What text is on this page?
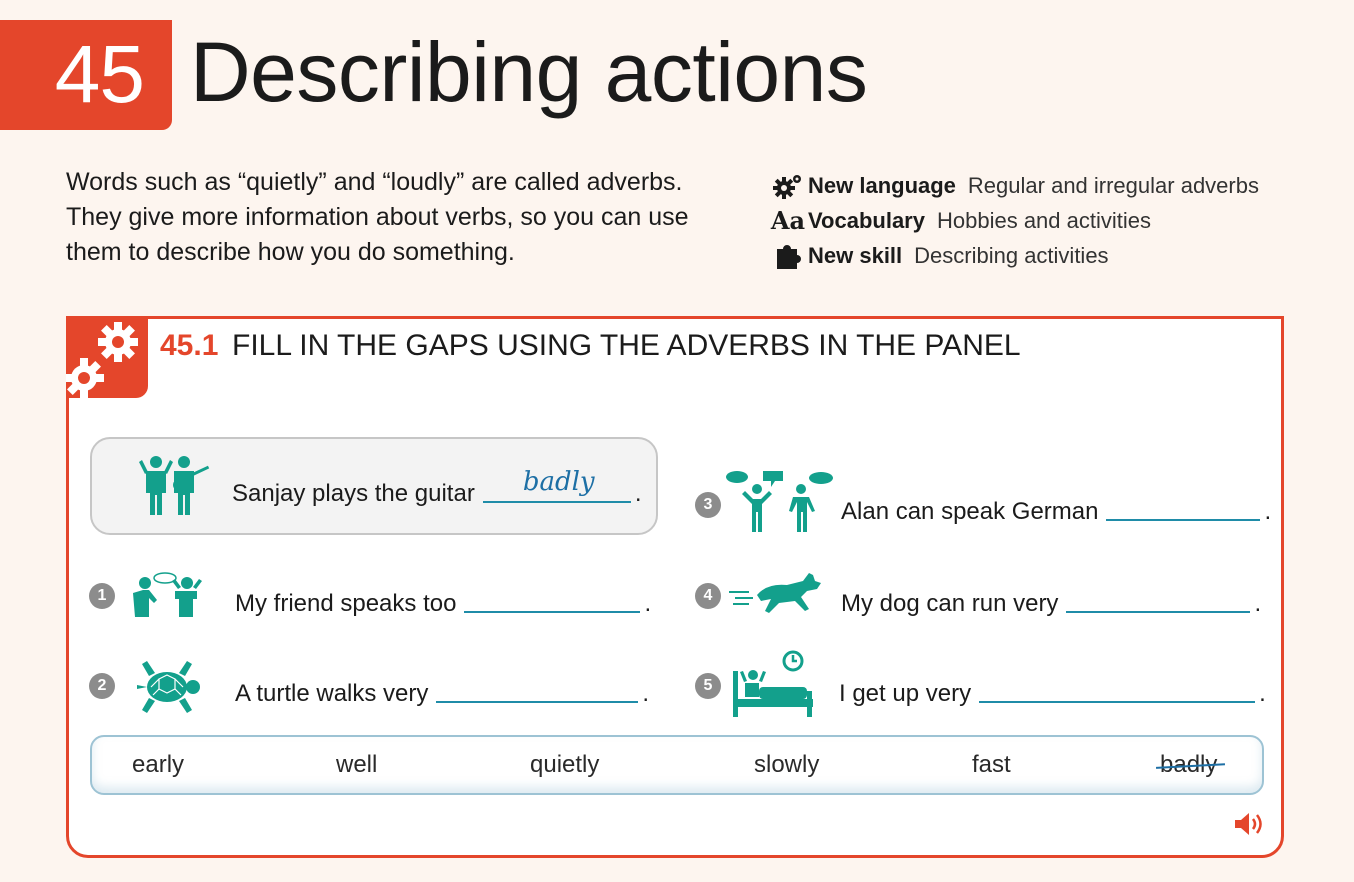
45 Describing actions
Words such as “quietly” and “loudly” are called adverbs. They give more information about verbs, so you can use them to describe how you do something.
New language Regular and irregular adverbs
Aa Vocabulary Hobbies and activities
New skill Describing activities
45.1 FILL IN THE GAPS USING THE ADVERBS IN THE PANEL
Sanjay plays the guitar badly .
1	My friend speaks too	.
2	A turtle walks very	.
3	Alan can speak German	.
4	My dog can run very	.
5	I get up very	.
early	well	quietly	slowly	fast	badly
